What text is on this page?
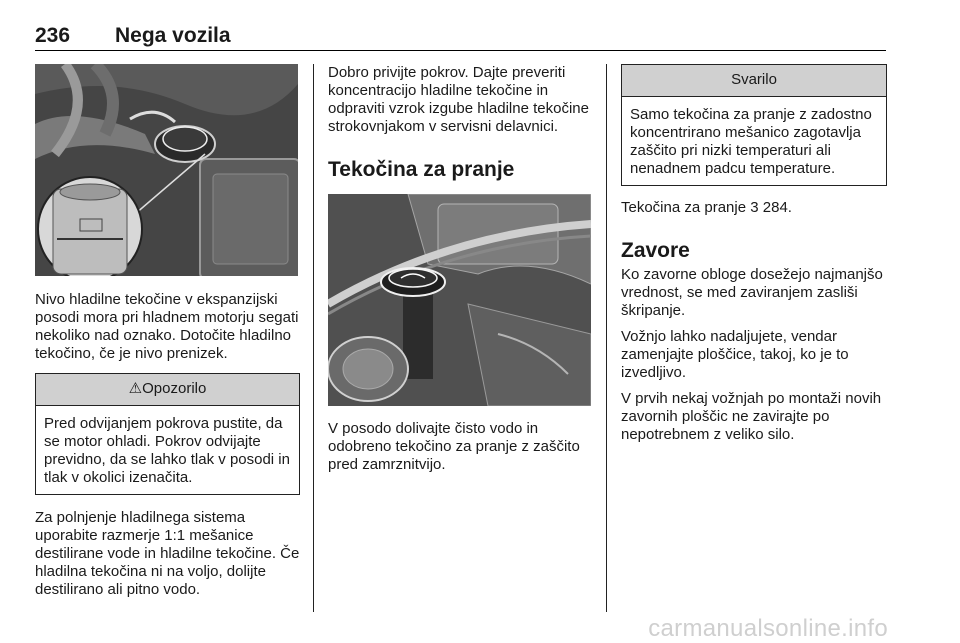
236 Nega vozila

Nivo hladilne tekočine v ekspanzijski posodi mora pri hladnem motorju segati nekoliko nad oznako. Dotočite hladilno tekočino, če je nivo prenizek.

⚠Opozorilo
Pred odvijanjem pokrova pustite, da se motor ohladi. Pokrov odvijajte previdno, da se lahko tlak v posodi in tlak v okolici izenačita.

Za polnjenje hladilnega sistema uporabite razmerje 1:1 mešanice destilirane vode in hladilne tekočine. Če hladilna tekočina ni na voljo, dolijte destilirano ali pitno vodo.

Dobro privijte pokrov. Dajte preveriti koncentracijo hladilne tekočine in odpraviti vzrok izgube hladilne tekočine strokovnjakom v servisni delavnici.

Tekočina za pranje

V posodo dolivajte čisto vodo in odobreno tekočino za pranje z zaščito pred zamrznitvijo.

Svarilo
Samo tekočina za pranje z zadostno koncentrirano mešanico zagotavlja zaščito pri nizki temperaturi ali nenadnem padcu temperature.

Tekočina za pranje 3 284.

Zavore

Ko zavorne obloge dosežejo najmanjšo vrednost, se med zaviranjem zasliši škripanje.

Vožnjo lahko nadaljujete, vendar zamenjajte ploščice, takoj, ko je to izvedljivo.

V prvih nekaj vožnjah po montaži novih zavornih ploščic ne zavirajte po nepotrebnem z veliko silo.

carmanualsonline.info
